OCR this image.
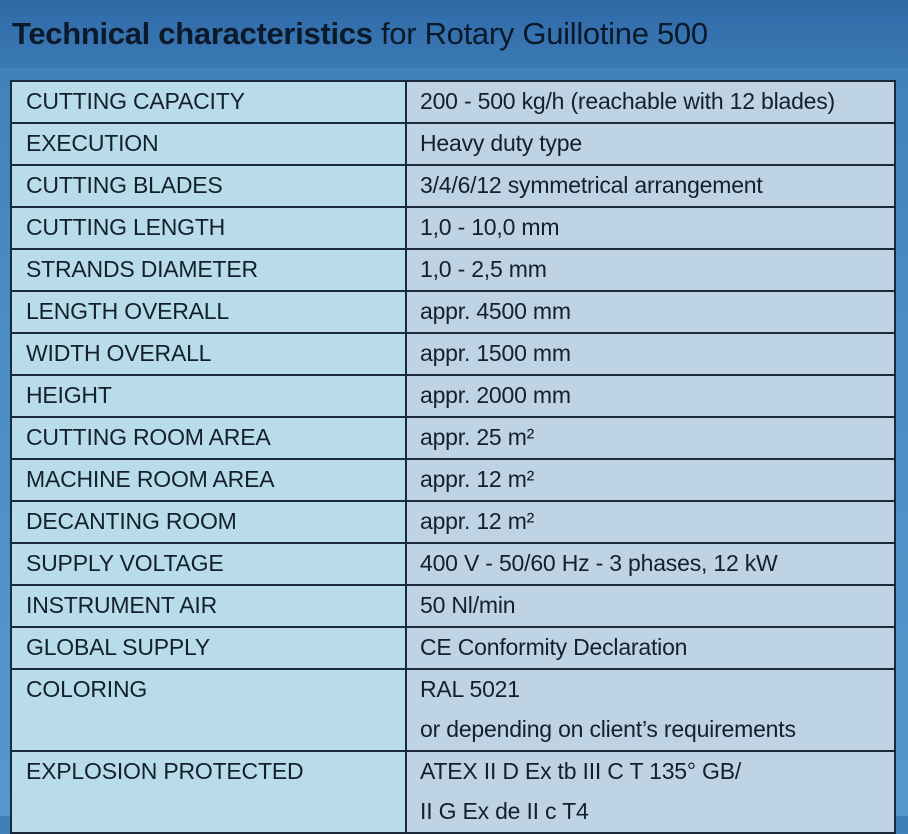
Technical characteristics for Rotary Guillotine 500
CUTTING CAPACITY	200 - 500 kg/h (reachable with 12 blades)

EXECUTION	Heavy duty type

CUTTING BLADES	3/4/6/12 symmetrical arrangement

CUTTING LENGTH	1,0 - 10,0 mm

STRANDS DIAMETER	1,0 - 2,5 mm

LENGTH OVERALL	appr. 4500 mm

WIDTH OVERALL	appr. 1500 mm

HEIGHT	appr. 2000 mm

CUTTING ROOM AREA	appr. 25 m²

MACHINE ROOM AREA	appr. 12 m²

DECANTING ROOM	appr. 12 m²

SUPPLY VOLTAGE	400 V - 50/60 Hz - 3 phases, 12 kW

INSTRUMENT AIR	50 Nl/min

GLOBAL SUPPLY	CE Conformity Declaration

COLORING	RAL 5021
or depending on client’s requirements

EXPLOSION PROTECTED	ATEX II D Ex tb III C T 135° GB/
II G Ex de II c T4
